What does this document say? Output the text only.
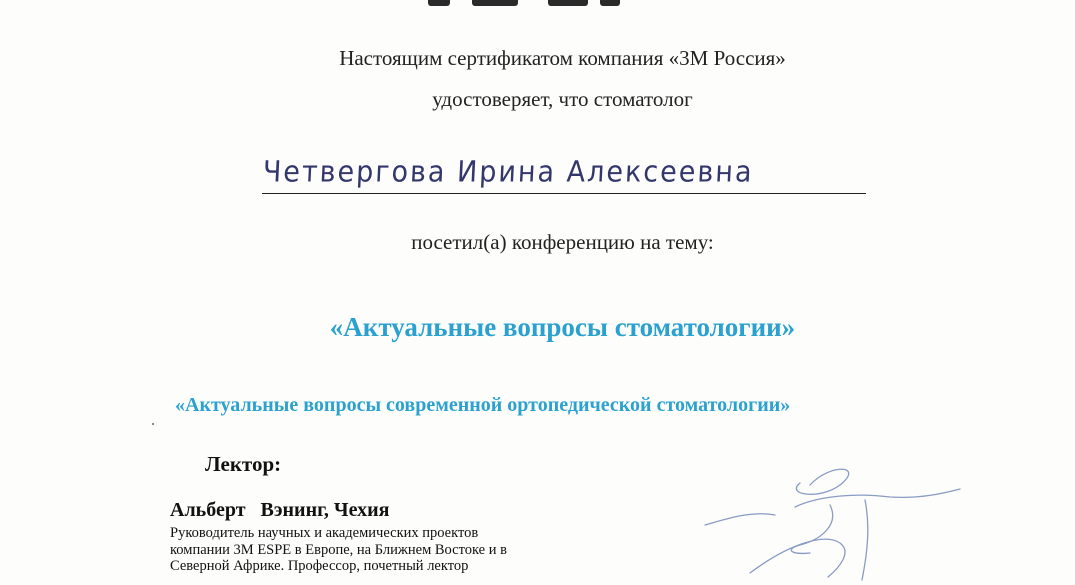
Настоящим сертификатом компания «3М Россия»
удостоверяет, что стоматолог
Четвергова Ирина Алексеевна
посетил(а) конференцию на тему:
«Актуальные вопросы стоматологии»
«Актуальные вопросы современной ортопедической стоматологии»
Лектор:
Альберт   Вэнинг, Чехия
Руководитель научных и академических проектов
компании 3M ESPE в Европе, на Ближнем Востоке и в
Северной Африке. Профессор, почетный лектор
